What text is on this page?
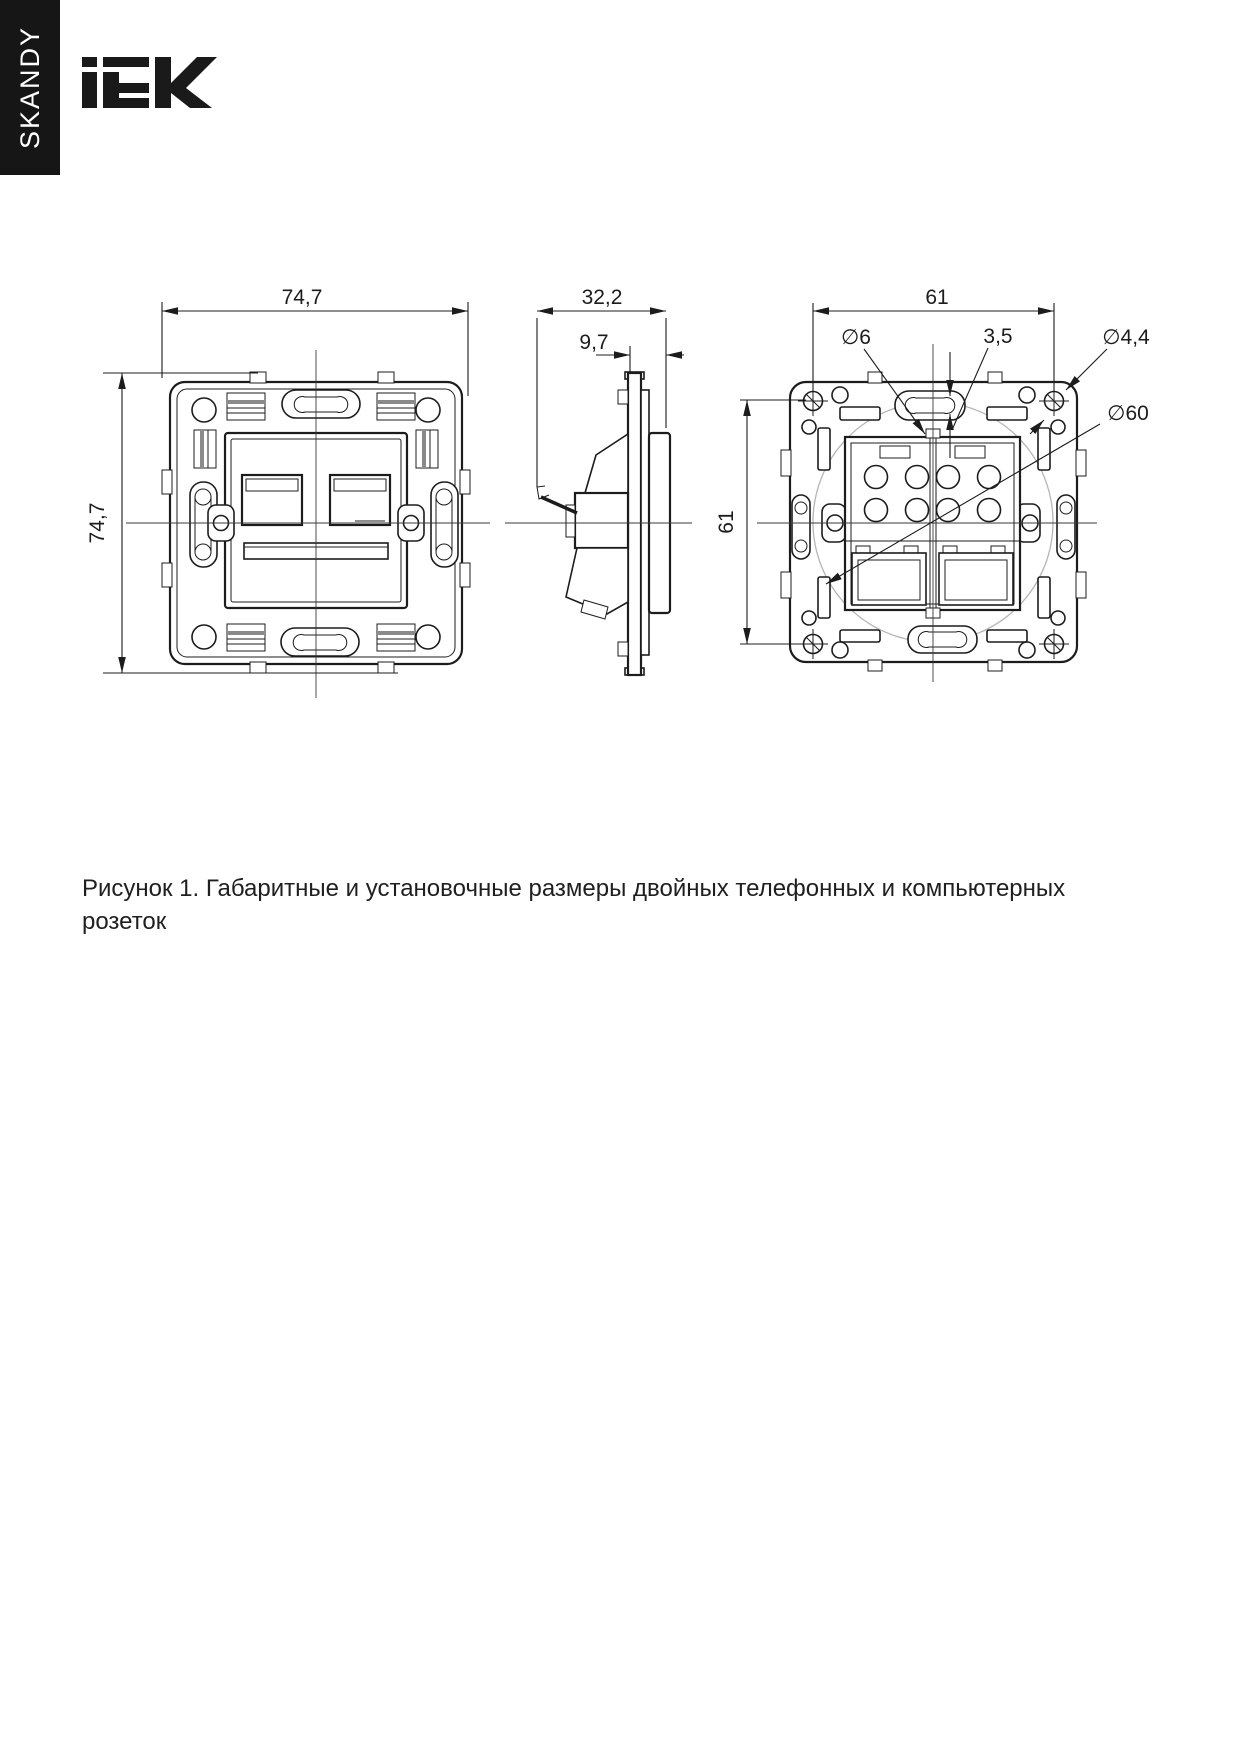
SKANDY
74,7
74,7
32,2
9,7
61
61
∅6	3,5	∅4,4
∅60
Рисунок 1. Габаритные и установочные размеры двойных телефонных и компьютерных розеток
